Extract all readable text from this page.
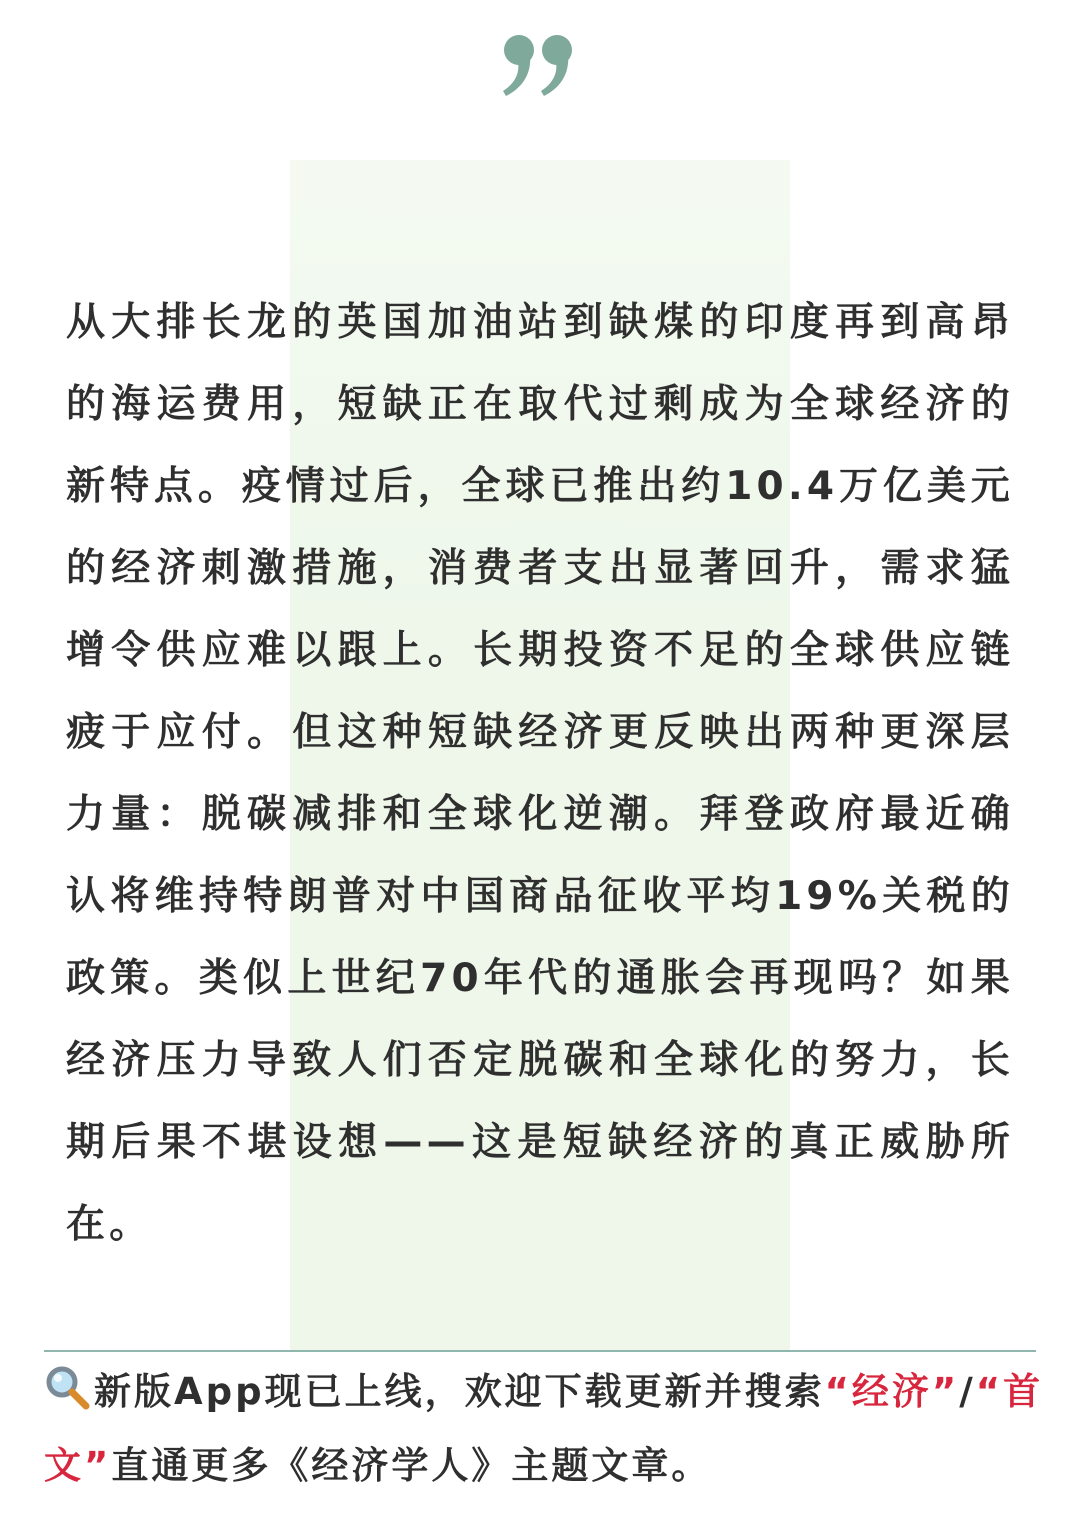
从大排长龙的英国加油站到缺煤的印度再到高昂的海运费用，短缺正在取代过剩成为全球经济的新特点。疫情过后，全球已推出约10.4万亿美元的经济刺激措施，消费者支出显著回升，需求猛增令供应难以跟上。长期投资不足的全球供应链疲于应付。但这种短缺经济更反映出两种更深层力量：脱碳减排和全球化逆潮。拜登政府最近确认将维持特朗普对中国商品征收平均19%关税的政策。类似上世纪70年代的通胀会再现吗？如果经济压力导致人们否定脱碳和全球化的努力，长期后果不堪设想——这是短缺经济的真正威胁所在。

新版App现已上线，欢迎下载更新并搜索“经济”/“首文”直通更多《经济学人》主题文章。
